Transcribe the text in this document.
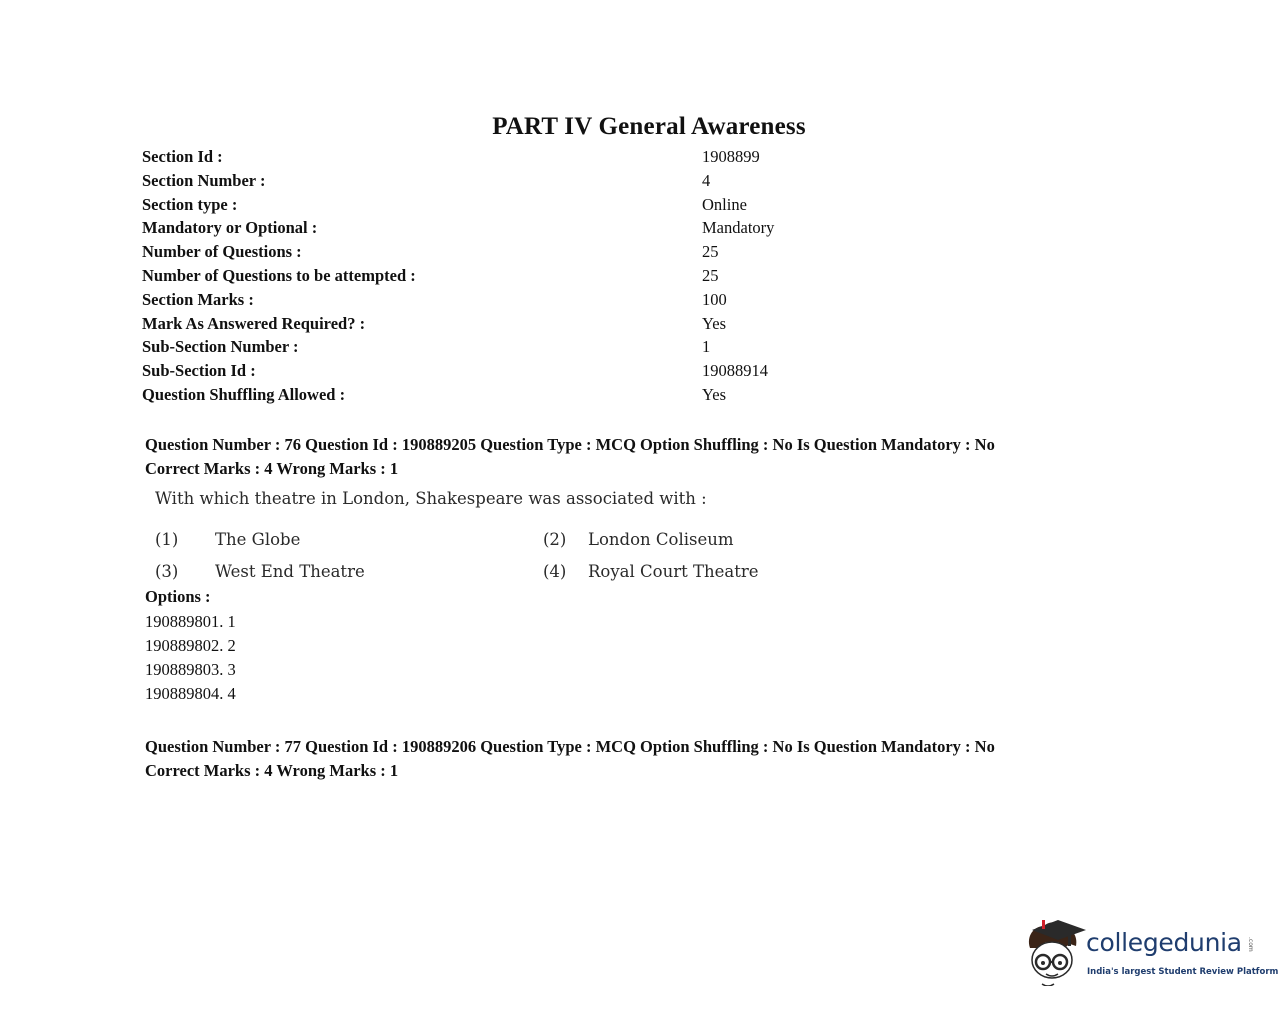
PART IV General Awareness
Section Id :	1908899
Section Number :	4
Section type :	Online
Mandatory or Optional :	Mandatory
Number of Questions :	25
Number of Questions to be attempted :	25
Section Marks :	100
Mark As Answered Required? :	Yes
Sub-Section Number :	1
Sub-Section Id :	19088914
Question Shuffling Allowed :	Yes
Question Number : 76 Question Id : 190889205 Question Type : MCQ Option Shuffling : No Is Question Mandatory : No
Correct Marks : 4 Wrong Marks : 1
With which theatre in London, Shakespeare was associated with :
(1) The Globe	(2) London Coliseum
(3) West End Theatre	(4) Royal Court Theatre
Options :
190889801. 1
190889802. 2
190889803. 3
190889804. 4
Question Number : 77 Question Id : 190889206 Question Type : MCQ Option Shuffling : No Is Question Mandatory : No
Correct Marks : 4 Wrong Marks : 1
collegedunia .com
India's largest Student Review Platform
